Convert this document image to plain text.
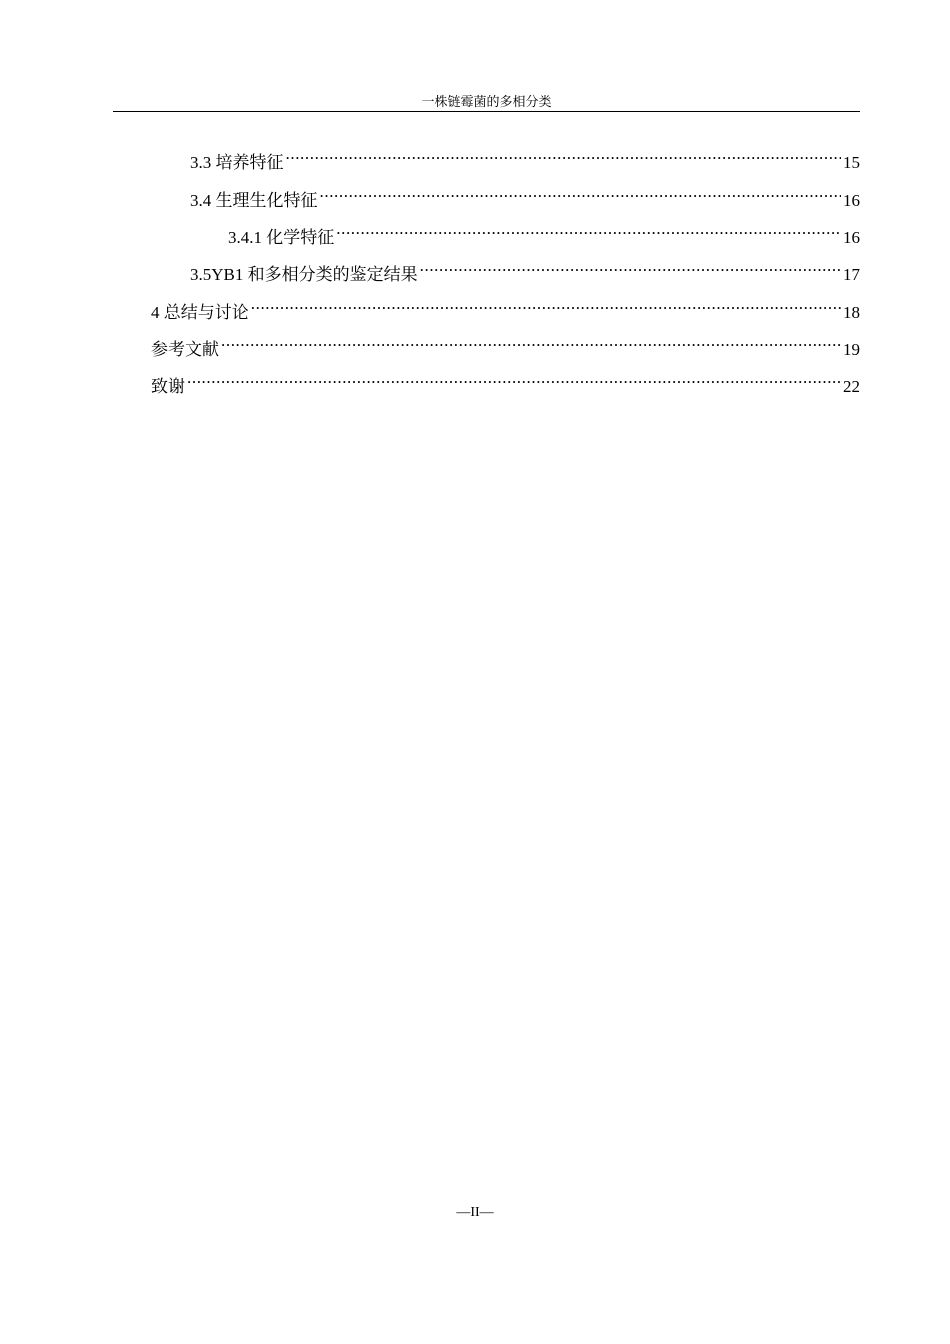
一株链霉菌的多相分类
3.3 培养特征 .....	15
3.4 生理生化特征 .....	16
3.4.1 化学特征 .....	16
3.5YB1 和多相分类的鉴定结果 .....	17
4 总结与讨论 .....	18
参考文献 .....	19
致谢 .....	22
—II—
